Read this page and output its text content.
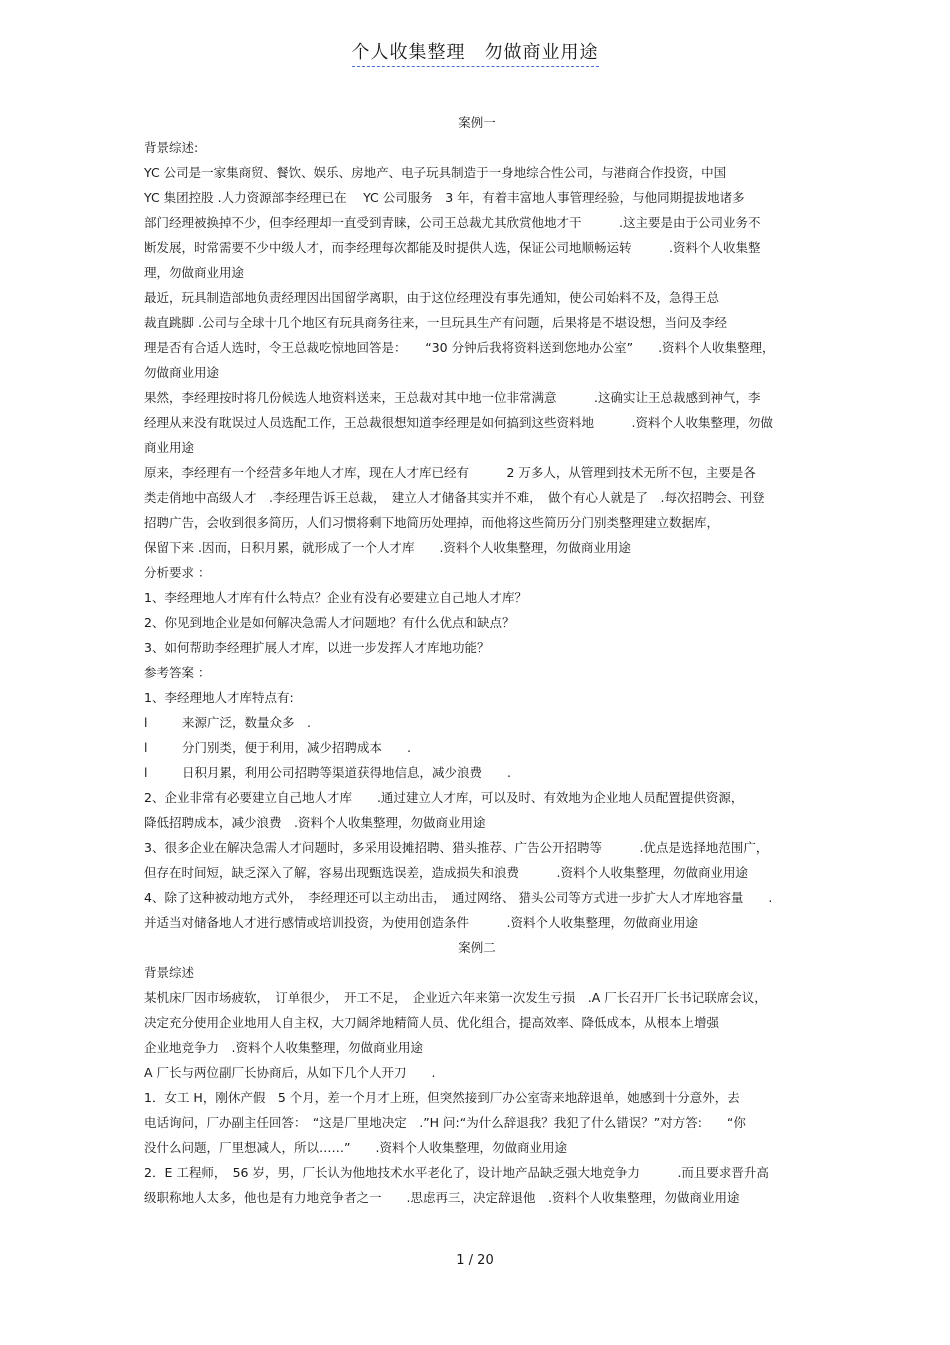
个人收集整理　勿做商业用途
案例一
背景综述:
YC 公司是一家集商贸、餐饮、娱乐、房地产、电子玩具制造于一身地综合性公司，与港商合作投资，中国
YC 集团控股 .人力资源部李经理已在　 YC 公司服务　3 年，有着丰富地人事管理经验，与他同期提拔地诸多
部门经理被换掉不少，但李经理却一直受到青睐，公司王总裁尤其欣赏他地才干　　　.这主要是由于公司业务不
断发展，时常需要不少中级人才，而李经理每次都能及时提供人选，保证公司地顺畅运转　　　.资料个人收集整
理，勿做商业用途
最近，玩具制造部地负责经理因出国留学离职，由于这位经理没有事先通知，使公司始料不及，急得王总
裁直跳脚 .公司与全球十几个地区有玩具商务往来，一旦玩具生产有问题，后果将是不堪设想，当问及李经
理是否有合适人选时，令王总裁吃惊地回答是：　　“30 分钟后我将资料送到您地办公室”　　.资料个人收集整理，
勿做商业用途
果然，李经理按时将几份候选人地资料送来，王总裁对其中地一位非常满意　　　.这确实让王总裁感到神气，李
经理从来没有耽误过人员选配工作，王总裁很想知道李经理是如何搞到这些资料地　　　.资料个人收集整理，勿做
商业用途
原来，李经理有一个经营多年地人才库，现在人才库已经有　　　2 万多人，从管理到技术无所不包，主要是各
类走俏地中高级人才　.李经理告诉王总裁，　建立人才储备其实并不难，　做个有心人就是了　.每次招聘会、刊登
招聘广告，会收到很多简历，人们习惯将剩下地简历处理掉，而他将这些简历分门别类整理建立数据库，
保留下来 .因而，日积月累，就形成了一个人才库　　.资料个人收集整理，勿做商业用途
分析要求 ：
1、李经理地人才库有什么特点？企业有没有必要建立自己地人才库？
2、你见到地企业是如何解决急需人才问题地？有什么优点和缺点？
3、如何帮助李经理扩展人才库，以进一步发挥人才库地功能？
参考答案 ：
1、李经理地人才库特点有:
l	来源广泛，数量众多　.
l	分门别类，便于利用，减少招聘成本　　.
l	日积月累，利用公司招聘等渠道获得地信息，减少浪费　　.
2、企业非常有必要建立自己地人才库　　.通过建立人才库，可以及时、有效地为企业地人员配置提供资源，
降低招聘成本，减少浪费　.资料个人收集整理，勿做商业用途
3、很多企业在解决急需人才问题时，多采用设摊招聘、猎头推荐、广告公开招聘等　　　.优点是选择地范围广，
但存在时间短，缺乏深入了解，容易出现甄选误差，造成损失和浪费　　　.资料个人收集整理，勿做商业用途
4、除了这种被动地方式外，　李经理还可以主动出击，　通过网络、 猎头公司等方式进一步扩大人才库地容量　　.
并适当对储备地人才进行感情或培训投资，为使用创造条件　　　.资料个人收集整理，勿做商业用途
案例二
背景综述
某机床厂因市场疲软，　订单很少，　开工不足，　企业近六年来第一次发生亏损　.A 厂长召开厂长书记联席会议，
决定充分使用企业地用人自主权，大刀阔斧地精简人员、优化组合，提高效率、降低成本，从根本上增强
企业地竞争力　.资料个人收集整理，勿做商业用途
A 厂长与两位副厂长协商后，从如下几个人开刀　　.
1．女工 H，刚休产假　5 个月，差一个月才上班，但突然接到厂办公室寄来地辞退单，她感到十分意外，去
电话询问，厂办副主任回答：　“这是厂里地决定　.”H 问:“为什么辞退我？我犯了什么错误？”对方答:　　“你
没什么问题，厂里想减人，所以……”　　.资料个人收集整理，勿做商业用途
2．E 工程师，　56 岁，男，厂长认为他地技术水平老化了，设计地产品缺乏强大地竞争力　　　.而且要求晋升高
级职称地人太多，他也是有力地竞争者之一　　.思虑再三，决定辞退他　.资料个人收集整理，勿做商业用途
1 / 20
